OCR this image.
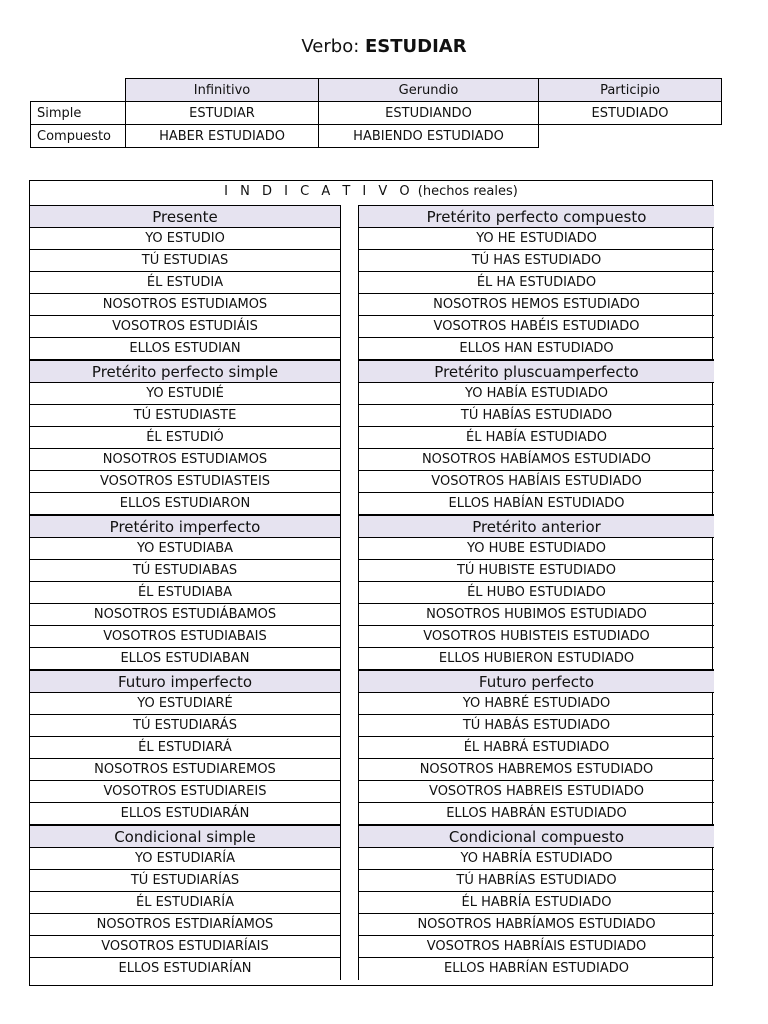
Verbo: ESTUDIAR
	Infinitivo	Gerundio	Participio
Simple	ESTUDIAR	ESTUDIANDO	ESTUDIADO
Compuesto	HABER ESTUDIADO	HABIENDO ESTUDIADO	
I N D I C A T I V O (hechos reales)
Presente
YO ESTUDIO
TÚ ESTUDIAS
ÉL ESTUDIA
NOSOTROS ESTUDIAMOS
VOSOTROS ESTUDIÁIS
ELLOS ESTUDIAN
Pretérito perfecto simple
YO ESTUDIÉ
TÚ ESTUDIASTE
ÉL ESTUDIÓ
NOSOTROS ESTUDIAMOS
VOSOTROS ESTUDIASTEIS
ELLOS ESTUDIARON
Pretérito imperfecto
YO ESTUDIABA
TÚ ESTUDIABAS
ÉL ESTUDIABA
NOSOTROS ESTUDIÁBAMOS
VOSOTROS ESTUDIABAIS
ELLOS ESTUDIABAN
Futuro imperfecto
YO ESTUDIARÉ
TÚ ESTUDIARÁS
ÉL ESTUDIARÁ
NOSOTROS ESTUDIAREMOS
VOSOTROS ESTUDIAREIS
ELLOS ESTUDIARÁN
Condicional simple
YO ESTUDIARÍA
TÚ ESTUDIARÍAS
ÉL ESTUDIARÍA
NOSOTROS ESTDIARÍAMOS
VOSOTROS ESTUDIARÍAIS
ELLOS ESTUDIARÍAN
Pretérito perfecto compuesto
YO HE ESTUDIADO
TÚ HAS ESTUDIADO
ÉL HA ESTUDIADO
NOSOTROS HEMOS ESTUDIADO
VOSOTROS HABÉIS ESTUDIADO
ELLOS HAN ESTUDIADO
Pretérito pluscuamperfecto
YO HABÍA ESTUDIADO
TÚ HABÍAS ESTUDIADO
ÉL HABÍA ESTUDIADO
NOSOTROS HABÍAMOS ESTUDIADO
VOSOTROS HABÍAIS ESTUDIADO
ELLOS HABÍAN ESTUDIADO
Pretérito anterior
YO HUBE ESTUDIADO
TÚ HUBISTE ESTUDIADO
ÉL HUBO ESTUDIADO
NOSOTROS HUBIMOS ESTUDIADO
VOSOTROS HUBISTEIS ESTUDIADO
ELLOS HUBIERON ESTUDIADO
Futuro perfecto
YO HABRÉ ESTUDIADO
TÚ HABÁS ESTUDIADO
ÉL HABRÁ ESTUDIADO
NOSOTROS HABREMOS ESTUDIADO
VOSOTROS HABREIS ESTUDIADO
ELLOS HABRÁN ESTUDIADO
Condicional compuesto
YO HABRÍA ESTUDIADO
TÚ HABRÍAS ESTUDIADO
ÉL HABRÍA ESTUDIADO
NOSOTROS HABRÍAMOS ESTUDIADO
VOSOTROS HABRÍAIS ESTUDIADO
ELLOS HABRÍAN ESTUDIADO
